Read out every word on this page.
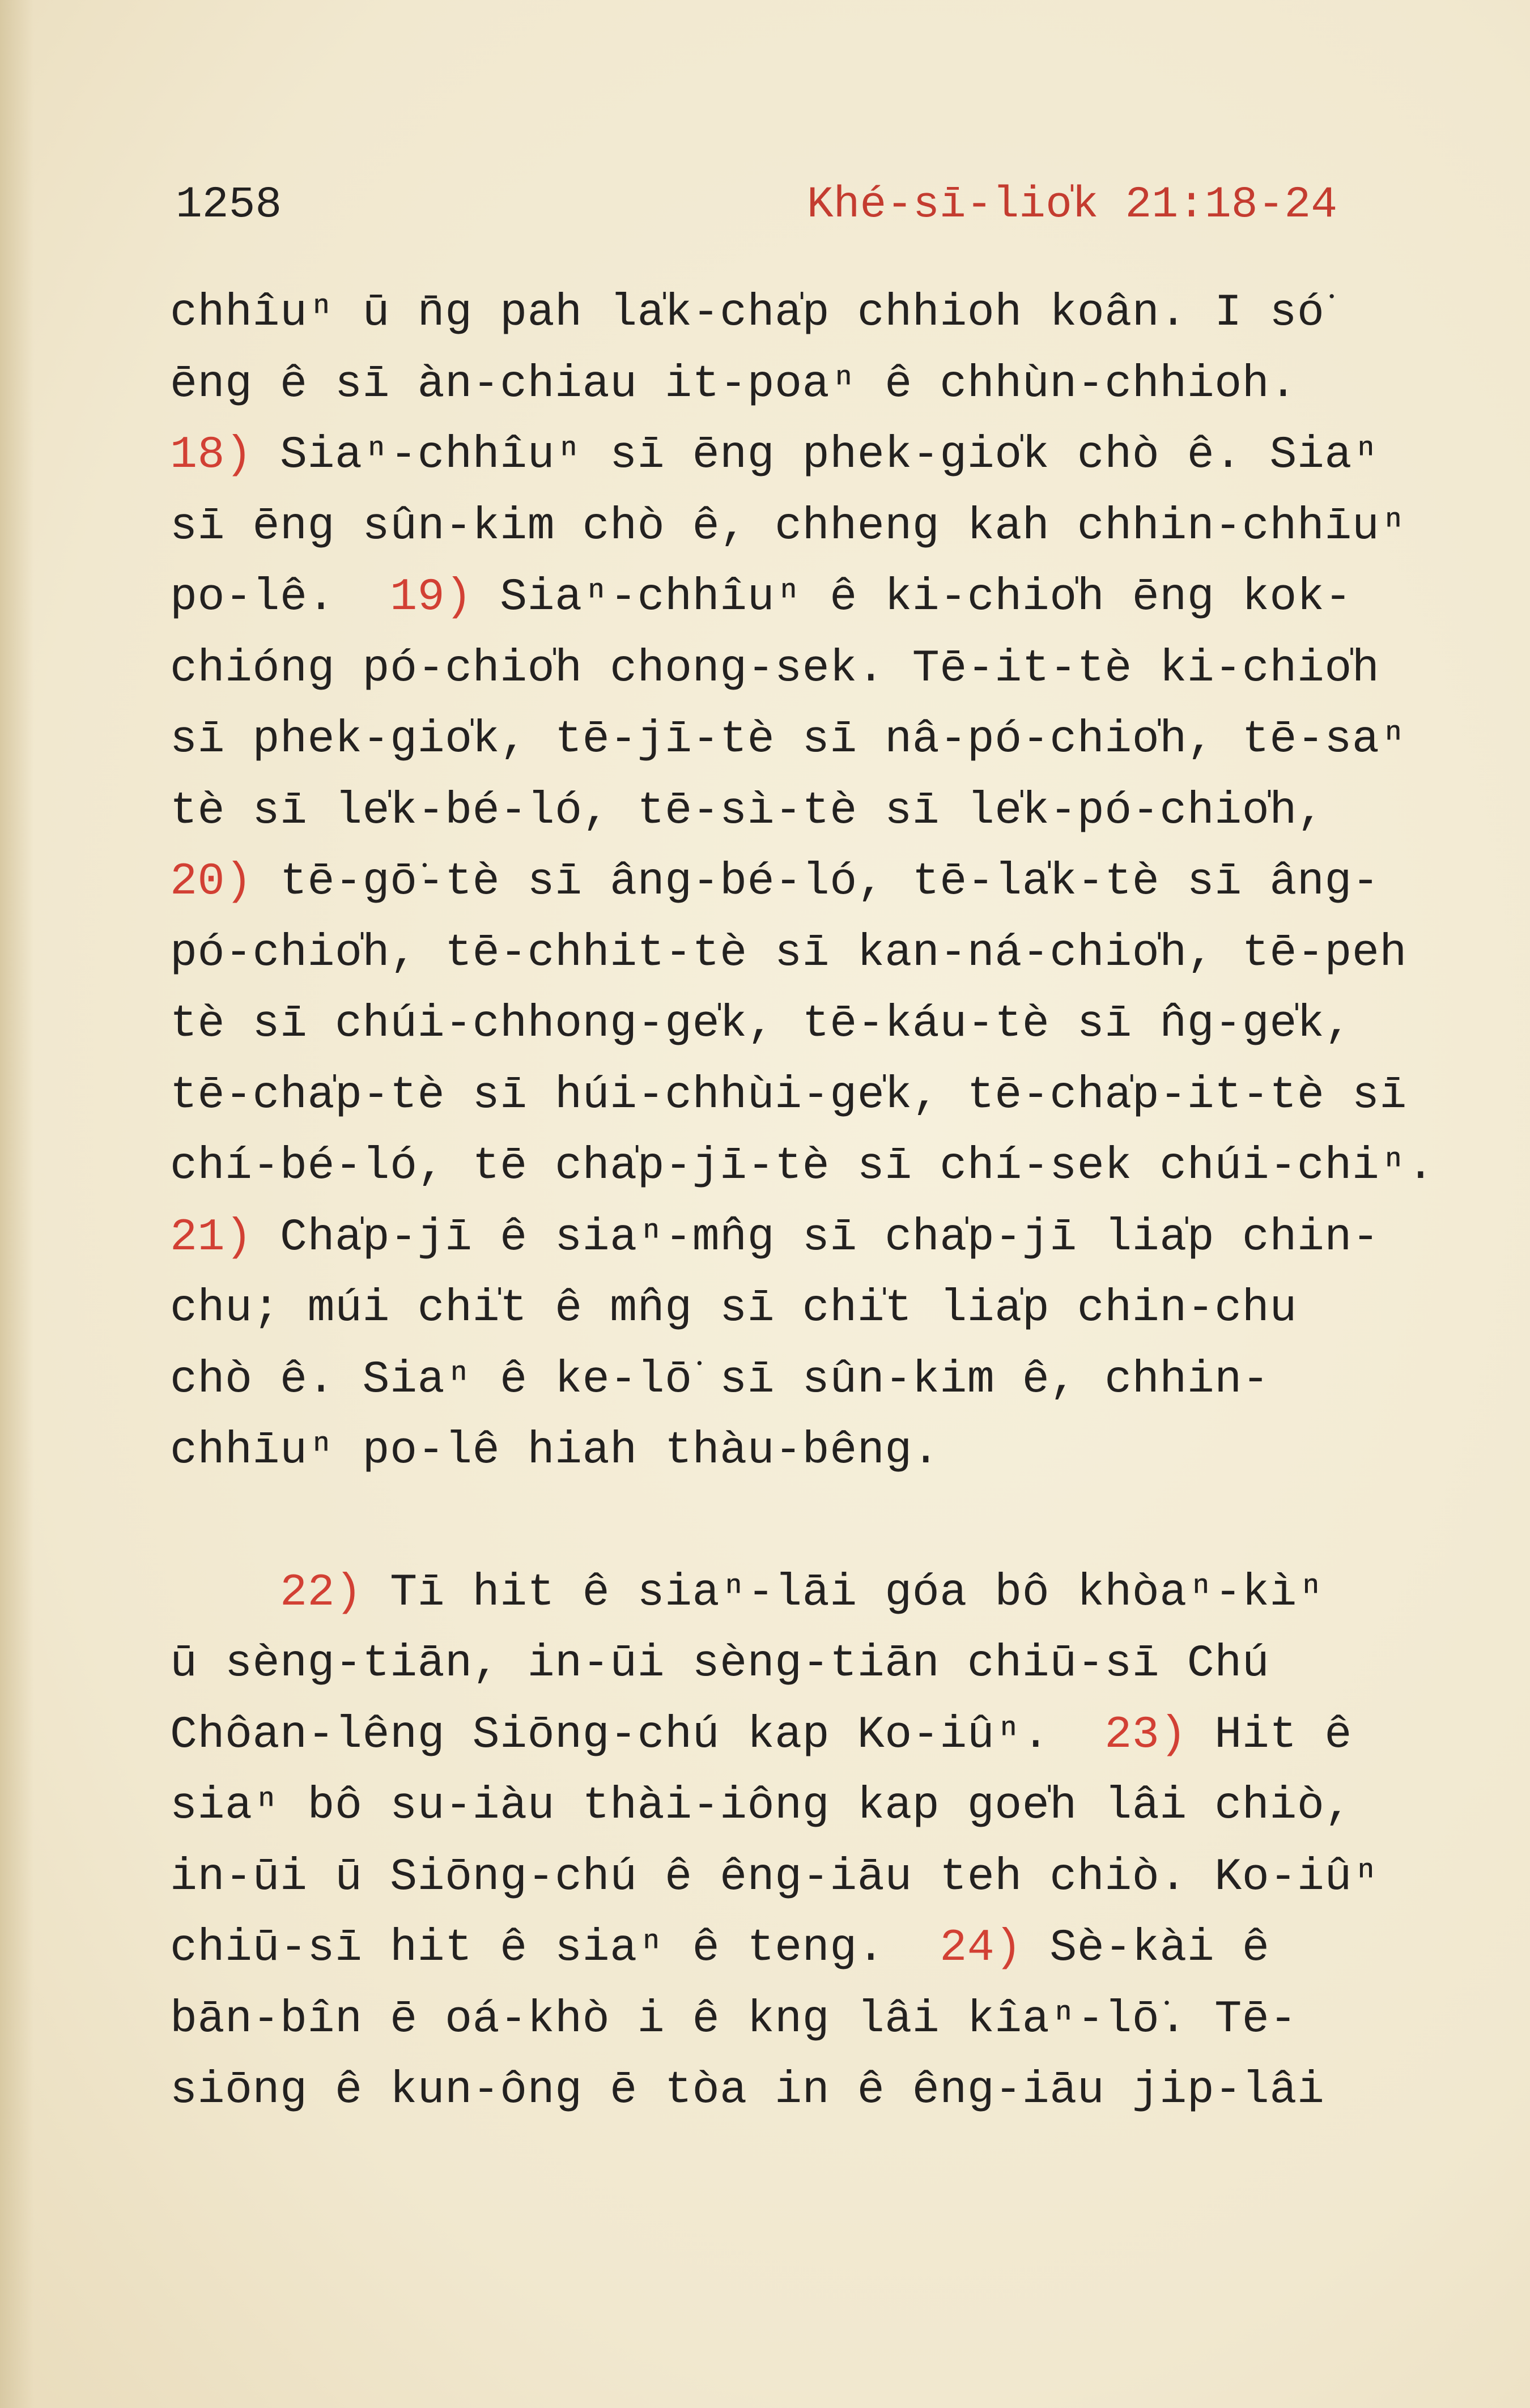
1258	Khé-sī-lio̍k 21:18-24
chhîuⁿ ū n̄g pah la̍k-cha̍p chhioh koân. I só͘
ēng ê sī àn-chiau it-poaⁿ ê chhùn-chhioh.
18) Siaⁿ-chhîuⁿ sī ēng phek-gio̍k chò ê. Siaⁿ
sī ēng sûn-kim chò ê, chheng kah chhin-chhīuⁿ
po-lê.  19) Siaⁿ-chhîuⁿ ê ki-chio̍h ēng kok-
chióng pó-chio̍h chong-sek. Tē-it-tè ki-chio̍h
sī phek-gio̍k, tē-jī-tè sī nâ-pó-chio̍h, tē-saⁿ
tè sī le̍k-bé-ló, tē-sì-tè sī le̍k-pó-chio̍h,
20) tē-gō͘-tè sī âng-bé-ló, tē-la̍k-tè sī âng-
pó-chio̍h, tē-chhit-tè sī kan-ná-chio̍h, tē-peh
tè sī chúi-chhong-ge̍k, tē-káu-tè sī n̂g-ge̍k,
tē-cha̍p-tè sī húi-chhùi-ge̍k, tē-cha̍p-it-tè sī
chí-bé-ló, tē cha̍p-jī-tè sī chí-sek chúi-chiⁿ.
21) Cha̍p-jī ê siaⁿ-mn̂g sī cha̍p-jī lia̍p chin-
chu; múi chi̍t ê mn̂g sī chi̍t lia̍p chin-chu
chò ê. Siaⁿ ê ke-lō͘ sī sûn-kim ê, chhin-
chhīuⁿ po-lê hiah thàu-bêng.
22) Tī hit ê siaⁿ-lāi góa bô khòaⁿ-kìⁿ
ū sèng-tiān, in-ūi sèng-tiān chiū-sī Chú
Chôan-lêng Siōng-chú kap Ko-iûⁿ.  23) Hit ê
siaⁿ bô su-iàu thài-iông kap goe̍h lâi chiò,
in-ūi ū Siōng-chú ê êng-iāu teh chiò. Ko-iûⁿ
chiū-sī hit ê siaⁿ ê teng.  24) Sè-kài ê
bān-bîn ē oá-khò i ê kng lâi kîaⁿ-lō͘. Tē-
siōng ê kun-ông ē tòa in ê êng-iāu jip-lâi
